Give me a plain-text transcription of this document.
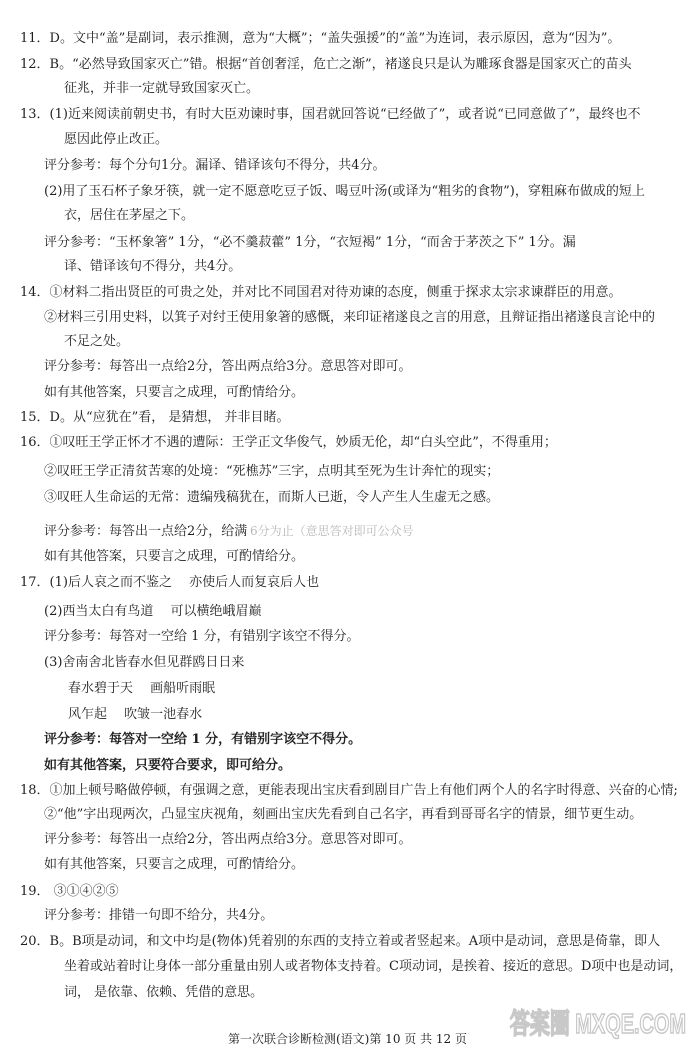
11．D。文中“盖”是副词，表示推测，意为“大概”；“盖失强援”的“盖”为连词，表示原因，意为“因为”。
12．B。“必然导致国家灭亡”错。根据“首创奢淫，危亡之渐”，褚遂良只是认为雕琢食器是国家灭亡的苗头
征兆，并非一定就导致国家灭亡。
13．(1)近来阅读前朝史书，有时大臣劝谏时事，国君就回答说“已经做了”，或者说“已同意做了”，最终也不
愿因此停止改正。
评分参考：每个分句1分。漏译、错译该句不得分，共4分。
(2)用了玉石杯子象牙筷，就一定不愿意吃豆子饭、喝豆叶汤(或译为“粗劣的食物”)，穿粗麻布做成的短上
衣，居住在茅屋之下。
评分参考：“玉杯象箸” 1分，“必不羹菽藿” 1分，“衣短褐” 1分，“而舍于茅茨之下” 1分。漏
译、错译该句不得分，共4分。
14．①材料二指出贤臣的可贵之处，并对比不同国君对待劝谏的态度，侧重于探求太宗求谏群臣的用意。
②材料三引用史料，以箕子对纣王使用象箸的感慨，来印证褚遂良之言的用意，且辩证指出褚遂良言论中的
不足之处。
评分参考：每答出一点给2分，答出两点给3分。意思答对即可。
如有其他答案，只要言之成理，可酌情给分。
15．D。从“应犹在”看， 是猜想， 并非目睹。
16．①叹旺王学正怀才不遇的遭际：王学正文华俊气，妙质无伦，却“白头空此”，不得重用；
②叹旺王学正清贫苦寒的处境：“死樵苏”三字，点明其至死为生计奔忙的现实；
③叹旺人生命运的无常：遗编残稿犹在，而斯人已逝，令人产生人生虚无之感。
评分参考：每答出一点给2分，给满 6分为止（意思答对即可公众号
如有其他答案，只要言之成理，可酌情给分。
17．(1)后人哀之而不鉴之　 亦使后人而复哀后人也
(2)西当太白有鸟道　 可以横绝峨眉巅
评分参考：每答对一空给 1 分，有错别字该空不得分。
(3)舍南舍北皆春水但见群鸥日日来
春水碧于天　 画船听雨眠
风乍起　 吹皱一池春水
评分参考：每答对一空给 1 分，有错别字该空不得分。
如有其他答案，只要符合要求，即可给分。
18．①加上顿号略做停顿，有强调之意，更能表现出宝庆看到剧目广告上有他们两个人的名字时得意、兴奋的心情;
②“他”字出现两次，凸显宝庆视角，刻画出宝庆先看到自己名字，再看到哥哥名字的情景，细节更生动。
评分参考：每答出一点给2分，答出两点给3分。意思答对即可。
如有其他答案，只要言之成理，可酌情给分。
19． ③①④②⑤
评分参考：排错一句即不给分，共4分。
20．B。B项是动词，和文中均是(物体)凭着别的东西的支持立着或者竖起来。A项中是动词，意思是倚靠，即人
坐着或站着时让身体一部分重量由别人或者物体支持着。C项动词，是挨着、接近的意思。D项中也是动词，
词， 是依靠、依赖、凭借的意思。
第一次联合诊断检测(语文)第 10 页 共 12 页	答案圈 MXQE.COM
